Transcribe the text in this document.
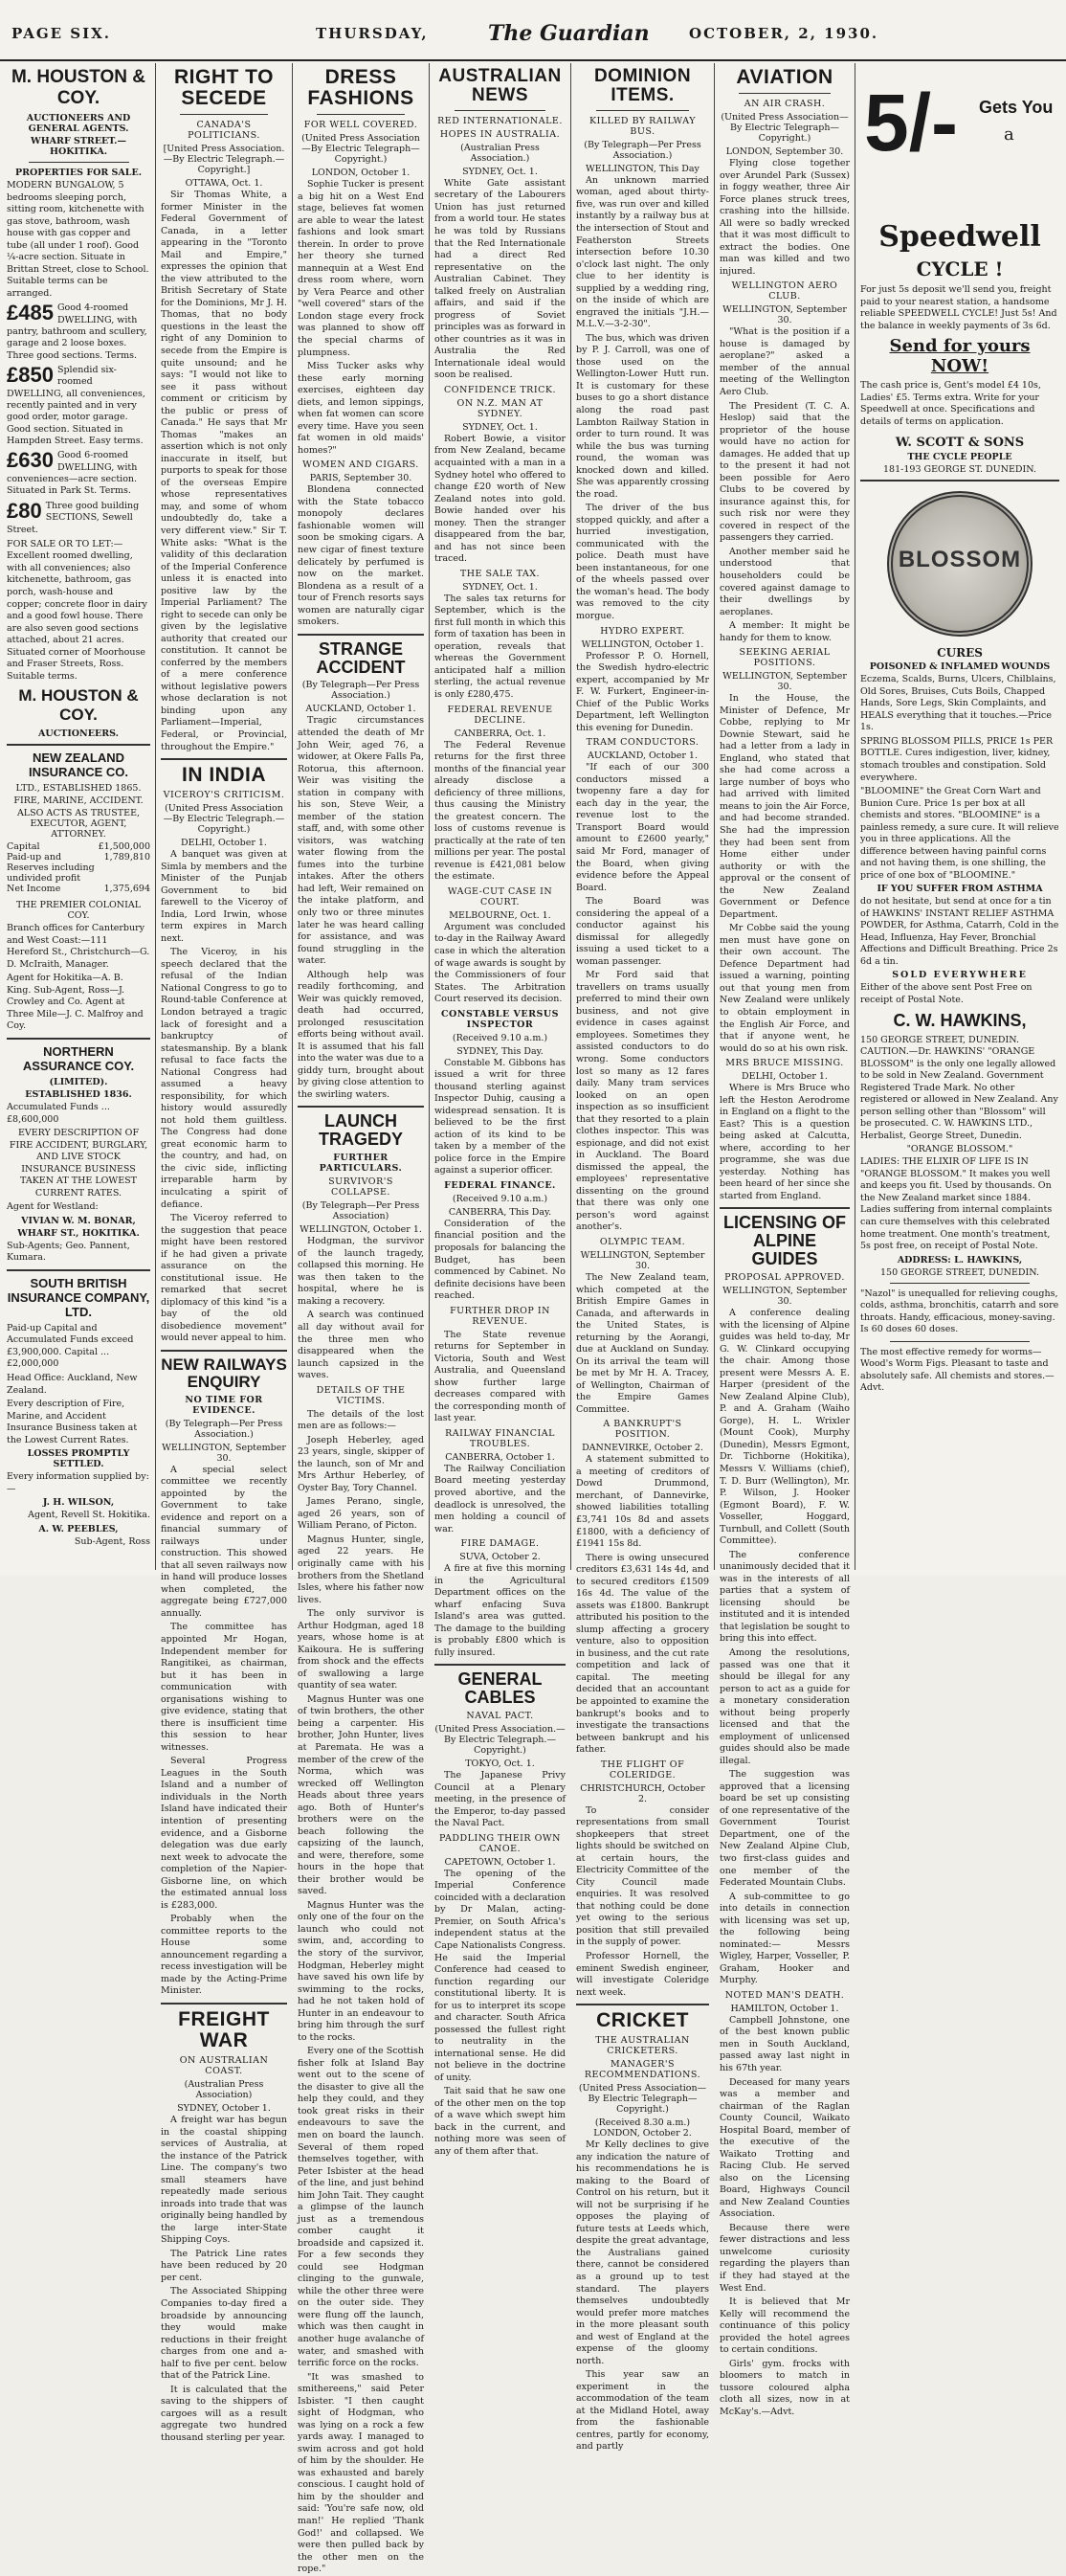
PAGE SIX.	THURSDAY,	The Guardian	OCTOBER, 2, 1930.
M. HOUSTON & COY.
AUCTIONEERS AND GENERAL AGENTS.
WHARF STREET.—HOKITIKA.
PROPERTIES FOR SALE.

MODERN BUNGALOW, 5 bedrooms sleeping porch, sitting room, kitchenette with gas stove, bathroom, wash house with gas copper and tube (all under 1 roof). Good ¼-acre section. Situate in Brittan Street, close to School. Suitable terms can be arranged.

£485 Good 4-roomed DWELLING, with pantry, bathroom and scullery, garage and 2 loose boxes. Three good sections. Terms.
£850 Splendid six-roomed DWELLING, all conveniences, recently painted and in very good order, motor garage. Good section. Situated in Hampden Street. Easy terms.
£630 Good 6-roomed DWELLING, with conveniences—acre section. Situated in Park St. Terms.
£80 Three good building SECTIONS, Sewell Street.

FOR SALE OR TO LET:—Excellent roomed dwelling, with all conveniences; also kitchenette, bathroom, gas porch, wash-house and copper; concrete floor in dairy and a good fowl house. There are also seven good sections attached, about 21 acres. Situated corner of Moorhouse and Fraser Streets, Ross. Suitable terms.

M. HOUSTON & COY.
AUCTIONEERS.
NEW ZEALAND INSURANCE CO.
LTD., ESTABLISHED 1865.
FIRE, MARINE, ACCIDENT.
ALSO ACTS AS TRUSTEE, EXECUTOR, AGENT, ATTORNEY.
Capital	£1,500,000
Paid-up and Reserves including undivided profit
1,789,810
Net Income	1,375,694
THE PREMIER COLONIAL COY.

Branch offices for Canterbury and West Coast:—111 Hereford St., Christchurch—G. D. McIraith, Manager.

Agent for Hokitika—A. B. King. Sub-Agent, Ross—J. Crowley and Co. Agent at Three Mile—J. C. Malfroy and Coy.

NORTHERN ASSURANCE COY.
(LIMITED).
ESTABLISHED 1836.

Accumulated Funds ... £8,600,000

EVERY DESCRIPTION OF FIRE ACCIDENT, BURGLARY, AND LIVE STOCK INSURANCE BUSINESS TAKEN AT THE LOWEST CURRENT RATES.

Agent for Westland:

VIVIAN W. M. BONAR,
WHARF ST., HOKITIKA.

Sub-Agents; Geo. Pannent, Kumara.

SOUTH BRITISH INSURANCE COMPANY, LTD.

Paid-up Capital and Accumulated Funds exceed £3,900,000. Capital ... £2,000,000

Head Office: Auckland, New Zealand.

Every description of Fire, Marine, and Accident Insurance Business taken at the Lowest Current Rates.

LOSSES PROMPTLY SETTLED.

Every information supplied by:—

J. H. WILSON,

Agent, Revell St. Hokitika.

A. W. PEEBLES,

Sub-Agent, Ross

RIGHT TO SECEDE
CANADA'S POLITICIANS.
[United Press Association.—By Electric Telegraph.—Copyright.]
OTTAWA, Oct. 1.

Sir Thomas White, a former Minister in the Federal Government of Canada, in a letter appearing in the "Toronto Mail and Empire," expresses the opinion that the view attributed to the British Secretary of State for the Dominions, Mr J. H. Thomas, that no body questions in the least the right of any Dominion to secede from the Empire is quite unsound; and he says: "I would not like to see it pass without comment or criticism by the public or press of Canada." He says that Mr Thomas "makes an assertion which is not only inaccurate in itself, but purports to speak for those of the overseas Empire whose representatives may, and some of whom undoubtedly do, take a very different view." Sir T. White asks: "What is the validity of this declaration of the Imperial Conference unless it is enacted into positive law by the Imperial Parliament? The right to secede can only be given by the legislative authority that created our constitution. It cannot be conferred by the members of a mere conference without legislative powers whose declaration is not binding upon any Parliament—Imperial, Federal, or Provincial, throughout the Empire."

IN INDIA
VICEROY'S CRITICISM.
(United Press Association—By Electric Telegraph.—Copyright.)
DELHI, October 1.

A banquet was given at Simla by members and the Minister of the Punjab Government to bid farewell to the Viceroy of India, Lord Irwin, whose term expires in March next.

The Viceroy, in his speech declared that the refusal of the Indian National Congress to go to Round-table Conference at London betrayed a tragic lack of foresight and a bankruptcy of statesmanship. By a blank refusal to face facts the National Congress had assumed a heavy responsibility, for which history would assuredly not hold them guiltless. The Congress had done great economic harm to the country, and had, on the civic side, inflicting irreparable harm by inculcating a spirit of defiance.

The Viceroy referred to the suggestion that peace might have been restored if he had given a private assurance on the constitutional issue. He remarked that secret diplomacy of this kind "is a bay of the old disobedience movement" would never appeal to him.

NEW RAILWAYS ENQUIRY
NO TIME FOR EVIDENCE.
(By Telegraph—Per Press Association.)
WELLINGTON, September 30.

A special select committee we recently appointed by the Government to take evidence and report on a financial summary of railways under construction. This showed that all seven railways now in hand will produce losses when completed, the aggregate being £727,000 annually.

The committee has appointed Mr Hogan, Independent member for Rangitikei, as chairman, but it has been in communication with organisations wishing to give evidence, stating that there is insufficient time this session to hear witnesses.

Several Progress Leagues in the South Island and a number of individuals in the North Island have indicated their intention of presenting evidence, and a Gisborne delegation was due early next week to advocate the completion of the Napier-Gisborne line, on which the estimated annual loss is £283,000.

Probably when the committee reports to the House some announcement regarding a recess investigation will be made by the Acting-Prime Minister.

FREIGHT WAR
ON AUSTRALIAN COAST.
(Australian Press Association)
SYDNEY, October 1.

A freight war has begun in the coastal shipping services of Australia, at the instance of the Patrick Line. The company's two small steamers have repeatedly made serious inroads into trade that was originally being handled by the large inter-State Shipping Coys.

The Patrick Line rates have been reduced by 20 per cent.

The Associated Shipping Companies to-day fired a broadside by announcing they would make reductions in their freight charges from one and a-half to five per cent. below that of the Patrick Line.

It is calculated that the saving to the shippers of cargoes will as a result aggregate two hundred thousand sterling per year.

DRESS FASHIONS
FOR WELL COVERED.
(United Press Association—By Electric Telegraph—Copyright.)
LONDON, October 1.

Sophie Tucker is present a big hit on a West End stage, believes fat women are able to wear the latest fashions and look smart therein. In order to prove her theory she turned mannequin at a West End dress room where, worn by Vera Pearce and other "well covered" stars of the London stage every frock was planned to show off the special charms of plumpness.

Miss Tucker asks why these early morning exercises, eighteen day diets, and lemon sippings, when fat women can score every time. Have you seen fat women in old maids' homes?"

WOMEN AND CIGARS.
PARIS, September 30.

Blondena connected with the State tobacco monopoly declares fashionable women will soon be smoking cigars. A new cigar of finest texture delicately by perfumed is now on the market. Blondena as a result of a tour of French resorts says women are naturally cigar smokers.

STRANGE ACCIDENT
(By Telegraph—Per Press Association.)
AUCKLAND, October 1.

Tragic circumstances attended the death of Mr John Weir, aged 76, a widower, at Okere Falls Pa, Rotorua, this afternoon. Weir was visiting the station in company with his son, Steve Weir, a member of the station staff, and, with some other visitors, was watching water flowing from the fumes into the turbine intakes. After the others had left, Weir remained on the intake platform, and only two or three minutes later he was heard calling for assistance, and was found struggling in the water.

Although help was readily forthcoming, and Weir was quickly removed, death had occurred, prolonged resuscitation efforts being without avail. It is assumed that his fall into the water was due to a giddy turn, brought about by giving close attention to the swirling waters.

LAUNCH TRAGEDY
FURTHER PARTICULARS.
SURVIVOR'S COLLAPSE.
(By Telegraph—Per Press Association)
WELLINGTON, October 1.

Hodgman, the survivor of the launch tragedy, collapsed this morning. He was then taken to the hospital, where he is making a recovery.

A search was continued all day without avail for the three men who disappeared when the launch capsized in the waves.

DETAILS OF THE VICTIMS.

The details of the lost men are as follows:—

Joseph Heberley, aged 23 years, single, skipper of the launch, son of Mr and Mrs Arthur Heberley, of Oyster Bay, Tory Channel.

James Perano, single, aged 26 years, son of William Perano, of Picton.

Magnus Hunter, single, aged 22 years. He originally came with his brothers from the Shetland Isles, where his father now lives.

The only survivor is Arthur Hodgman, aged 18 years, whose home is at Kaikoura. He is suffering from shock and the effects of swallowing a large quantity of sea water.

Magnus Hunter was one of twin brothers, the other being a carpenter. His brother, John Hunter, lives at Paremata. He was a member of the crew of the Norma, which was wrecked off Wellington Heads about three years ago. Both of Hunter's brothers were on the beach following the capsizing of the launch, and were, therefore, some hours in the hope that their brother would be saved.

Magnus Hunter was the only one of the four on the launch who could not swim, and, according to the story of the survivor, Hodgman, Heberley might have saved his own life by swimming to the rocks, had he not taken hold of Hunter in an endeavour to bring him through the surf to the rocks.

Every one of the Scottish fisher folk at Island Bay went out to the scene of the disaster to give all the help they could, and they took great risks in their endeavours to save the men on board the launch. Several of them roped themselves together, with Peter Isbister at the head of the line, and just behind him John Tait. They caught a glimpse of the launch just as a tremendous comber caught it broadside and capsized it. For a few seconds they could see Hodgman clinging to the gunwale, while the other three were on the outer side. They were flung off the launch, which was then caught in another huge avalanche of water, and smashed with terrific force on the rocks.

"It was smashed to smithereens," said Peter Isbister. "I then caught sight of Hodgman, who was lying on a rock a few yards away. I managed to swim across and got hold of him by the shoulder. He was exhausted and barely conscious. I caught hold of him by the shoulder and said: 'You're safe now, old man!' He replied 'Thank God!' and collapsed. We were then pulled back by the other men on the rope."

AUSTRALIAN NEWS
RED INTERNATIONALE.
HOPES IN AUSTRALIA.
(Australian Press Association.)
SYDNEY, Oct. 1.

White Gate assistant secretary of the Labourers Union has just returned from a world tour. He states he was told by Russians that the Red Internationale had a direct Red representative on the Australian Cabinet. They talked freely on Australian affairs, and said if the progress of Soviet principles was as forward in other countries as it was in Australia the Red Internationale ideal would soon be realised.

CONFIDENCE TRICK.
ON N.Z. MAN AT SYDNEY.
SYDNEY, Oct. 1.

Robert Bowie, a visitor from New Zealand, became acquainted with a man in a Sydney hotel who offered to change £20 worth of New Zealand notes into gold. Bowie handed over his money. Then the stranger disappeared from the bar, and has not since been traced.

THE SALE TAX.
SYDNEY, Oct. 1.

The sales tax returns for September, which is the first full month in which this form of taxation has been in operation, reveals that whereas the Government anticipated half a million sterling, the actual revenue is only £280,475.

FEDERAL REVENUE DECLINE.
CANBERRA, Oct. 1.

The Federal Revenue returns for the first three months of the financial year already disclose a deficiency of three millions, thus causing the Ministry the greatest concern. The loss of customs revenue is practically at the rate of ten millions per year. The postal revenue is £421,081 below the estimate.

WAGE-CUT CASE IN COURT.
MELBOURNE, Oct. 1.

Argument was concluded to-day in the Railway Award case in which the alteration of wage awards is sought by the Commissioners of four States. The Arbitration Court reserved its decision.

CONSTABLE VERSUS INSPECTOR
(Received 9.10 a.m.)
SYDNEY, This Day.

Constable M. Gibbons has issued a writ for three thousand sterling against Inspector Duhig, causing a widespread sensation. It is believed to be the first action of its kind to be taken by a member of the police force in the Empire against a superior officer.

FEDERAL FINANCE.
(Received 9.10 a.m.)
CANBERRA, This Day.

Consideration of the financial position and the proposals for balancing the Budget, has been commenced by Cabinet. No definite decisions have been reached.

FURTHER DROP IN REVENUE.

The State revenue returns for September in Victoria, South and West Australia, and Queensland show further large decreases compared with the corresponding month of last year.

RAILWAY FINANCIAL TROUBLES.
CANBERRA, October 1.

The Railway Conciliation Board meeting yesterday proved abortive, and the deadlock is unresolved, the men holding a council of war.

FIRE DAMAGE.
SUVA, October 2.

A fire at five this morning in the Agricultural Department offices on the wharf enfacing Suva Island's area was gutted. The damage to the building is probably £800 which is fully insured.

GENERAL CABLES
NAVAL PACT.
(United Press Association.—By Electric Telegraph.—Copyright.)
TOKYO, Oct. 1.

The Japanese Privy Council at a Plenary meeting, in the presence of the Emperor, to-day passed the Naval Pact.

PADDLING THEIR OWN CANOE.
CAPETOWN, October 1.

The opening of the Imperial Conference coincided with a declaration by Dr Malan, acting-Premier, on South Africa's independent status at the Cape Nationalists Congress. He said the Imperial Conference had ceased to function regarding our constitutional liberty. It is for us to interpret its scope and character. South Africa possessed the fullest right to neutrality in the international sense. He did not believe in the doctrine of unity.

Tait said that he saw one of the other men on the top of a wave which swept him back in the current, and nothing more was seen of any of them after that.

DOMINION ITEMS.
KILLED BY RAILWAY BUS.
(By Telegraph—Per Press Association.)
WELLINGTON, This Day

An unknown married woman, aged about thirty-five, was run over and killed instantly by a railway bus at the intersection of Stout and Featherston Streets intersection before 10.30 o'clock last night. The only clue to her identity is supplied by a wedding ring, on the inside of which are engraved the initials "J.H.—M.L.V.—3-2-30".

The bus, which was driven by P. J. Carroll, was one of those used on the Wellington-Lower Hutt run. It is customary for these buses to go a short distance along the road past Lambton Railway Station in order to turn round. It was while the bus was turning round, the woman was knocked down and killed. She was apparently crossing the road.

The driver of the bus stopped quickly, and after a hurried investigation, communicated with the police. Death must have been instantaneous, for one of the wheels passed over the woman's head. The body was removed to the city morgue.

HYDRO EXPERT.
WELLINGTON, October 1.

Professor P. O. Hornell, the Swedish hydro-electric expert, accompanied by Mr F. W. Furkert, Engineer-in-Chief of the Public Works Department, left Wellington this evening for Dunedin.

TRAM CONDUCTORS.
AUCKLAND, October 1.

"If each of our 300 conductors missed a twopenny fare a day for each day in the year, the revenue lost to the Transport Board would amount to £2600 yearly," said Mr Ford, manager of the Board, when giving evidence before the Appeal Board.

The Board was considering the appeal of a conductor against his dismissal for allegedly issuing a used ticket to a woman passenger.

Mr Ford said that travellers on trams usually preferred to mind their own business, and not give evidence in cases against employees. Sometimes they assisted conductors to do wrong. Some conductors lost so many as 12 fares daily. Many tram services looked on an open inspection as so insufficient that they resorted to a plain clothes inspector. This was espionage, and did not exist in Auckland. The Board dismissed the appeal, the employees' representative dissenting on the ground that there was only one person's word against another's.

OLYMPIC TEAM.
WELLINGTON, September 30.

The New Zealand team, which competed at the British Empire Games in Canada, and afterwards in the United States, is returning by the Aorangi, due at Auckland on Sunday. On its arrival the team will be met by Mr H. A. Tracey, of Wellington, Chairman of the Empire Games Committee.

A BANKRUPT'S POSITION.
DANNEVIRKE, October 2.

A statement submitted to a meeting of creditors of Dowd Drummond, merchant, of Dannevirke, showed liabilities totalling £3,741 10s 8d and assets £1800, with a deficiency of £1941 15s 8d.

There is owing unsecured creditors £3,631 14s 4d, and to secured creditors £1509 16s 4d. The value of the assets was £1800. Bankrupt attributed his position to the slump affecting a grocery venture, also to opposition in business, and the cut rate competition and lack of capital. The meeting decided that an accountant be appointed to examine the bankrupt's books and to investigate the transactions between bankrupt and his father.

THE FLIGHT OF COLERIDGE.
CHRISTCHURCH, October 2.

To consider representations from small shopkeepers that street lights should be switched on at certain hours, the Electricity Committee of the City Council made enquiries. It was resolved that nothing could be done yet owing to the serious position that still prevailed in the supply of power.

Professor Hornell, the eminent Swedish engineer, will investigate Coleridge next week.

CRICKET
THE AUSTRALIAN CRICKETERS.
MANAGER'S RECOMMENDATIONS.
(United Press Association—By Electric Telegraph—Copyright.)
(Received 8.30 a.m.) LONDON, October 2.

Mr Kelly declines to give any indication the nature of his recommendations he is making to the Board of Control on his return, but it will not be surprising if he opposes the playing of future tests at Leeds which, despite the great advantage, the Australians gained there, cannot be considered as a ground up to test standard. The players themselves undoubtedly would prefer more matches in the more pleasant south and west of England at the expense of the gloomy north.

This year saw an experiment in the accommodation of the team at the Midland Hotel, away from the fashionable centres, partly for economy, and partly

AVIATION
AN AIR CRASH.
(United Press Association—By Electric Telegraph—Copyright.)
LONDON, September 30.

Flying close together over Arundel Park (Sussex) in foggy weather, three Air Force planes struck trees, crashing into the hillside. All were so badly wrecked that it was most difficult to extract the bodies. One man was killed and two injured.

WELLINGTON AERO CLUB.
WELLINGTON, September 30.

"What is the position if a house is damaged by aeroplane?" asked a member of the annual meeting of the Wellington Aero Club.

The President (T. C. A. Heslop) said that the proprietor of the house would have no action for damages. He added that up to the present it had not been possible for Aero Clubs to be covered by insurance against this, for such risk nor were they covered in respect of the passengers they carried.

Another member said he understood that householders could be covered against damage to their dwellings by aeroplanes.

A member: It might be handy for them to know.

SEEKING AERIAL POSITIONS.
WELLINGTON, September 30.

In the House, the Minister of Defence, Mr Cobbe, replying to Mr Downie Stewart, said he had a letter from a lady in England, who stated that she had come across a large number of boys who had arrived with limited means to join the Air Force, and had become stranded. She had the impression they had been sent from Home either under authority or with the approval or the consent of the New Zealand Government or Defence Department.

Mr Cobbe said the young men must have gone on their own account. The Defence Department had issued a warning, pointing out that young men from New Zealand were unlikely to obtain employment in the English Air Force, and that if anyone went, he would do so at his own risk.

MRS BRUCE MISSING.
DELHI, October 1.

Where is Mrs Bruce who left the Heston Aerodrome in England on a flight to the East? This is a question being asked at Calcutta, where, according to her programme, she was due yesterday. Nothing has been heard of her since she started from England.

LICENSING OF ALPINE GUIDES
PROPOSAL APPROVED.
WELLINGTON, September 30.

A conference dealing with the licensing of Alpine guides was held to-day, Mr G. W. Clinkard occupying the chair. Among those present were Messrs A. E. Harper (president of the New Zealand Alpine Club), P. and A. Graham (Waiho Gorge), H. L. Wrixler (Mount Cook), Murphy (Dunedin), Messrs Egmont, Dr. Tichborne (Hokitika), Messrs V. Williams (chief), T. D. Burr (Wellington), Mr. P. Wilson, J. Hooker (Egmont Board), F. W. Vosseller, Hoggard, Turnbull, and Collett (South Committee).

The conference unanimously decided that it was in the interests of all parties that a system of licensing should be instituted and it is intended that legislation be sought to bring this into effect.

Among the resolutions, passed was one that it should be illegal for any person to act as a guide for a monetary consideration without being properly licensed and that the employment of unlicensed guides should also be made illegal.

The suggestion was approved that a licensing board be set up consisting of one representative of the Government Tourist Department, one of the New Zealand Alpine Club, two first-class guides and one member of the Federated Mountain Clubs.

A sub-committee to go into details in connection with licensing was set up, the following being nominated:— Messrs Wigley, Harper, Vosseller, P. Graham, Hooker and Murphy.

NOTED MAN'S DEATH.
HAMILTON, October 1.

Campbell Johnstone, one of the best known public men in South Auckland, passed away last night in his 67th year.

Deceased for many years was a member and chairman of the Raglan County Council, Waikato Hospital Board, member of the executive of the Waikato Trotting and Racing Club. He served also on the Licensing Board, Highways Council and New Zealand Counties Association.

Because there were fewer distractions and less unwelcome curiosity regarding the players than if they had stayed at the West End.

It is believed that Mr Kelly will recommend the continuance of this policy provided the hotel agrees to certain conditions.

Girls' gym. frocks with bloomers to match in tussore coloured alpha cloth all sizes, now in at McKay's.—Advt.

5/- Gets You
a
Speedwell
CYCLE !

For just 5s deposit we'll send you, freight paid to your nearest station, a handsome reliable SPEEDWELL CYCLE! Just 5s! And the balance in weekly payments of 3s 6d.

Send for yours NOW!

The cash price is, Gent's model £4 10s, Ladies' £5. Terms extra. Write for your Speedwell at once. Specifications and details of terms on application.

W. SCOTT & SONS
THE CYCLE PEOPLE
181-193 GEORGE ST. DUNEDIN.
BLOSSOM
CURES
POISONED & INFLAMED WOUNDS

Eczema, Scalds, Burns, Ulcers, Chilblains, Old Sores, Bruises, Cuts Boils, Chapped Hands, Sore Legs, Skin Complaints, and HEALS everything that it touches.—Price 1s.

SPRING BLOSSOM PILLS, PRICE 1s PER BOTTLE. Cures indigestion, liver, kidney, stomach troubles and constipation. Sold everywhere.

"BLOOMINE" the Great Corn Wart and Bunion Cure. Price 1s per box at all chemists and stores. "BLOOMINE" is a painless remedy, a sure cure. It will relieve you in three applications. All the difference between having painful corns and not having them, is one shilling, the price of one box of "BLOOMINE."

IF YOU SUFFER FROM ASTHMA

do not hesitate, but send at once for a tin of HAWKINS' INSTANT RELIEF ASTHMA POWDER, for Asthma, Catarrh, Cold in the Head, Influenza, Hay Fever, Bronchial Affections and Difficult Breathing. Price 2s 6d a tin.

SOLD EVERYWHERE

Either of the above sent Post Free on receipt of Postal Note.

C. W. HAWKINS,

150 GEORGE STREET, DUNEDIN. CAUTION.—Dr. HAWKINS' "ORANGE BLOSSOM" is the only one legally allowed to be sold in New Zealand. Government Registered Trade Mark. No other registered or allowed in New Zealand. Any person selling other than "Blossom" will be prosecuted. C. W. HAWKINS LTD., Herbalist, George Street, Dunedin.

"ORANGE BLOSSOM."

LADIES: THE ELIXIR OF LIFE IS IN "ORANGE BLOSSOM." It makes you well and keeps you fit. Used by thousands. On the New Zealand market since 1884. Ladies suffering from internal complaints can cure themselves with this celebrated home treatment. One month's treatment, 5s post free, on receipt of Postal Note.

ADDRESS: L. HAWKINS,
150 GEORGE STREET, DUNEDIN.

"Nazol" is unequalled for relieving coughs, colds, asthma, bronchitis, catarrh and sore throats. Handy, efficacious, money-saving. Is 60 doses 60 doses.

The most effective remedy for worms—Wood's Worm Figs. Pleasant to taste and absolutely safe. All chemists and stores.—Advt.
